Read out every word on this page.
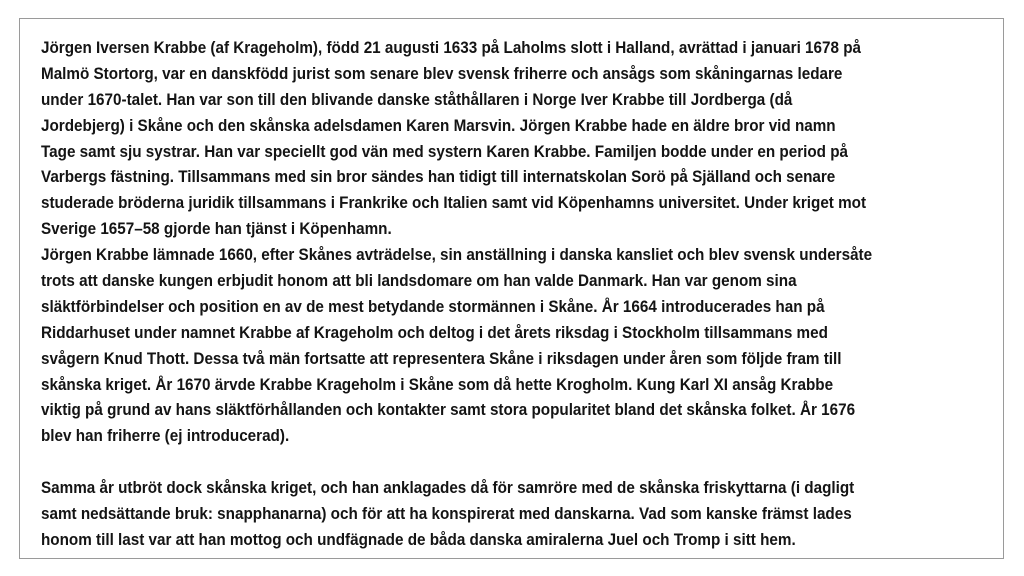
Jörgen Iversen Krabbe (af Krageholm), född 21 augusti 1633 på Laholms slott i Halland, avrättad i januari 1678 på
Malmö Stortorg, var en danskfödd jurist som senare blev svensk friherre och ansågs som skåningarnas ledare
under 1670-talet. Han var son till den blivande danske ståthållaren i Norge Iver Krabbe till Jordberga (då
Jordebjerg) i Skåne och den skånska adelsdamen Karen Marsvin. Jörgen Krabbe hade en äldre bror vid namn
Tage samt sju systrar. Han var speciellt god vän med systern Karen Krabbe. Familjen bodde under en period på
Varbergs fästning. Tillsammans med sin bror sändes han tidigt till internatskolan Sorö på Själland och senare
studerade bröderna juridik tillsammans i Frankrike och Italien samt vid Köpenhamns universitet. Under kriget mot
Sverige 1657–58 gjorde han tjänst i Köpenhamn.
Jörgen Krabbe lämnade 1660, efter Skånes avträdelse, sin anställning i danska kansliet och blev svensk undersåte
trots att danske kungen erbjudit honom att bli landsdomare om han valde Danmark. Han var genom sina
släktförbindelser och position en av de mest betydande stormännen i Skåne. År 1664 introducerades han på
Riddarhuset under namnet Krabbe af Krageholm och deltog i det årets riksdag i Stockholm tillsammans med
svågern Knud Thott. Dessa två män fortsatte att representera Skåne i riksdagen under åren som följde fram till
skånska kriget. År 1670 ärvde Krabbe Krageholm i Skåne som då hette Krogholm. Kung Karl XI ansåg Krabbe
viktig på grund av hans släktförhållanden och kontakter samt stora popularitet bland det skånska folket. År 1676
blev han friherre (ej introducerad).
Samma år utbröt dock skånska kriget, och han anklagades då för samröre med de skånska friskyttarna (i dagligt
samt nedsättande bruk: snapphanarna) och för att ha konspirerat med danskarna. Vad som kanske främst lades
honom till last var att han mottog och undfägnade de båda danska amiralerna Juel och Tromp i sitt hem.
